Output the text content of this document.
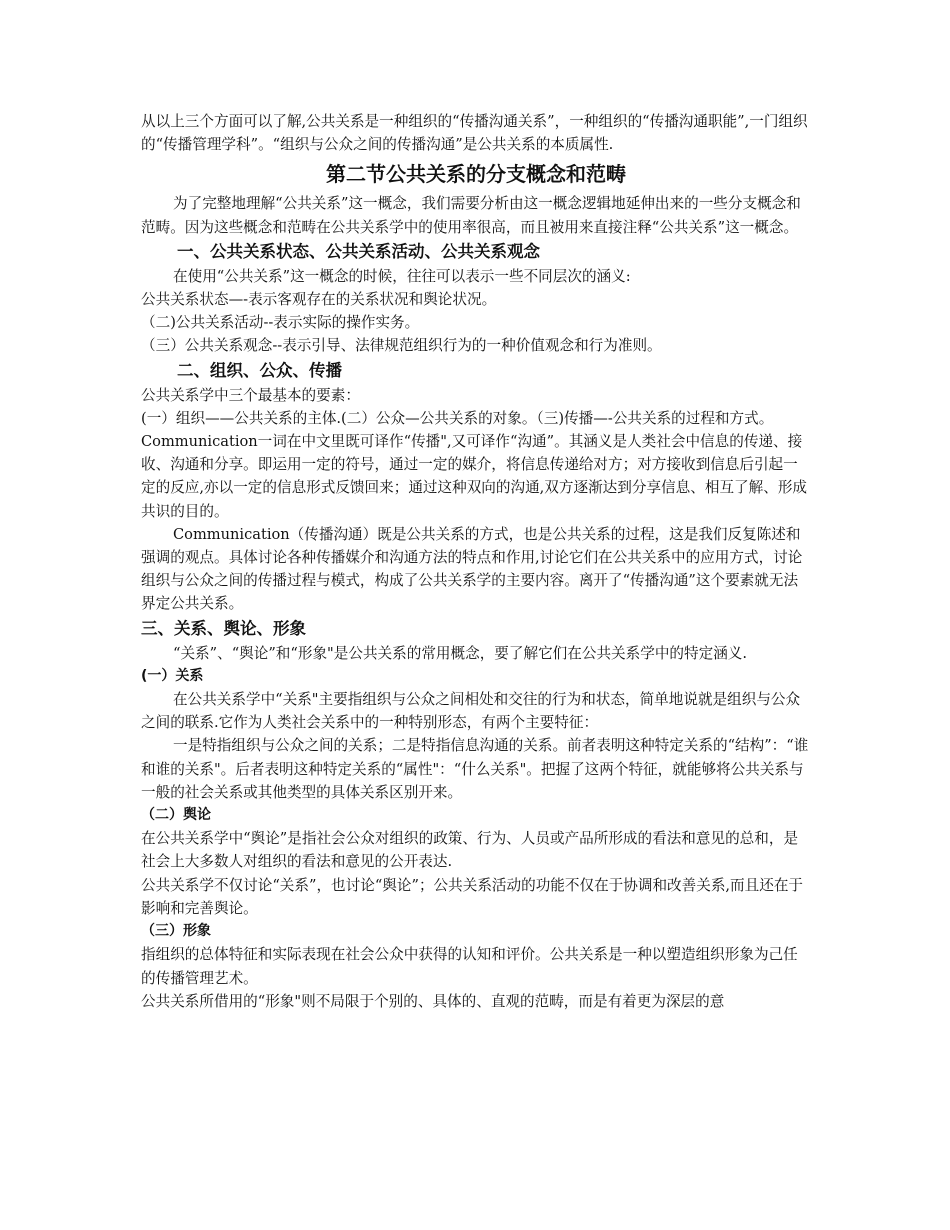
从以上三个方面可以了解,公共关系是一种组织的“传播沟通关系”，一种组织的“传播沟通职能”,一门组织的“传播管理学科”。“组织与公众之间的传播沟通”是公共关系的本质属性.

第二节公共关系的分支概念和范畴

为了完整地理解“公共关系”这一概念，我们需要分析由这一概念逻辑地延伸出来的一些分支概念和范畴。因为这些概念和范畴在公共关系学中的使用率很高，而且被用来直接注释“公共关系”这一概念。

一、公共关系状态、公共关系活动、公共关系观念

在使用“公共关系”这一概念的时候，往往可以表示一些不同层次的涵义:

公共关系状态—-表示客观存在的关系状况和舆论状况。

（二)公共关系活动--表示实际的操作实务。

（三）公共关系观念--表示引导、法律规范组织行为的一种价值观念和行为准则。

二、组织、公众、传播

公共关系学中三个最基本的要素：

(一）组织——公共关系的主体.(二）公众—公共关系的对象。（三)传播—-公共关系的过程和方式。

Communication一词在中文里既可译作“传播",又可译作“沟通”。其涵义是人类社会中信息的传递、接收、沟通和分享。即运用一定的符号，通过一定的媒介，将信息传递给对方；对方接收到信息后引起一定的反应,亦以一定的信息形式反馈回来；通过这种双向的沟通,双方逐渐达到分享信息、相互了解、形成共识的目的。

Communication（传播沟通）既是公共关系的方式，也是公共关系的过程，这是我们反复陈述和强调的观点。具体讨论各种传播媒介和沟通方法的特点和作用,讨论它们在公共关系中的应用方式，讨论组织与公众之间的传播过程与模式，构成了公共关系学的主要内容。离开了“传播沟通”这个要素就无法界定公共关系。

三、关系、舆论、形象

“关系”、“舆论”和“形象"是公共关系的常用概念，要了解它们在公共关系学中的特定涵义.

(一）关系

在公共关系学中“关系"主要指组织与公众之间相处和交往的行为和状态，简单地说就是组织与公众之间的联系.它作为人类社会关系中的一种特别形态，有两个主要特征：

一是特指组织与公众之间的关系；二是特指信息沟通的关系。前者表明这种特定关系的“结构”：“谁和谁的关系"。后者表明这种特定关系的“属性"：“什么关系"。把握了这两个特征，就能够将公共关系与一般的社会关系或其他类型的具体关系区别开来。

（二）舆论

在公共关系学中“舆论”是指社会公众对组织的政策、行为、人员或产品所形成的看法和意见的总和，是社会上大多数人对组织的看法和意见的公开表达.

公共关系学不仅讨论“关系”，也讨论“舆论”；公共关系活动的功能不仅在于协调和改善关系,而且还在于影响和完善舆论。

（三）形象

指组织的总体特征和实际表现在社会公众中获得的认知和评价。公共关系是一种以塑造组织形象为己任的传播管理艺术。

公共关系所借用的“形象"则不局限于个别的、具体的、直观的范畴，而是有着更为深层的意
